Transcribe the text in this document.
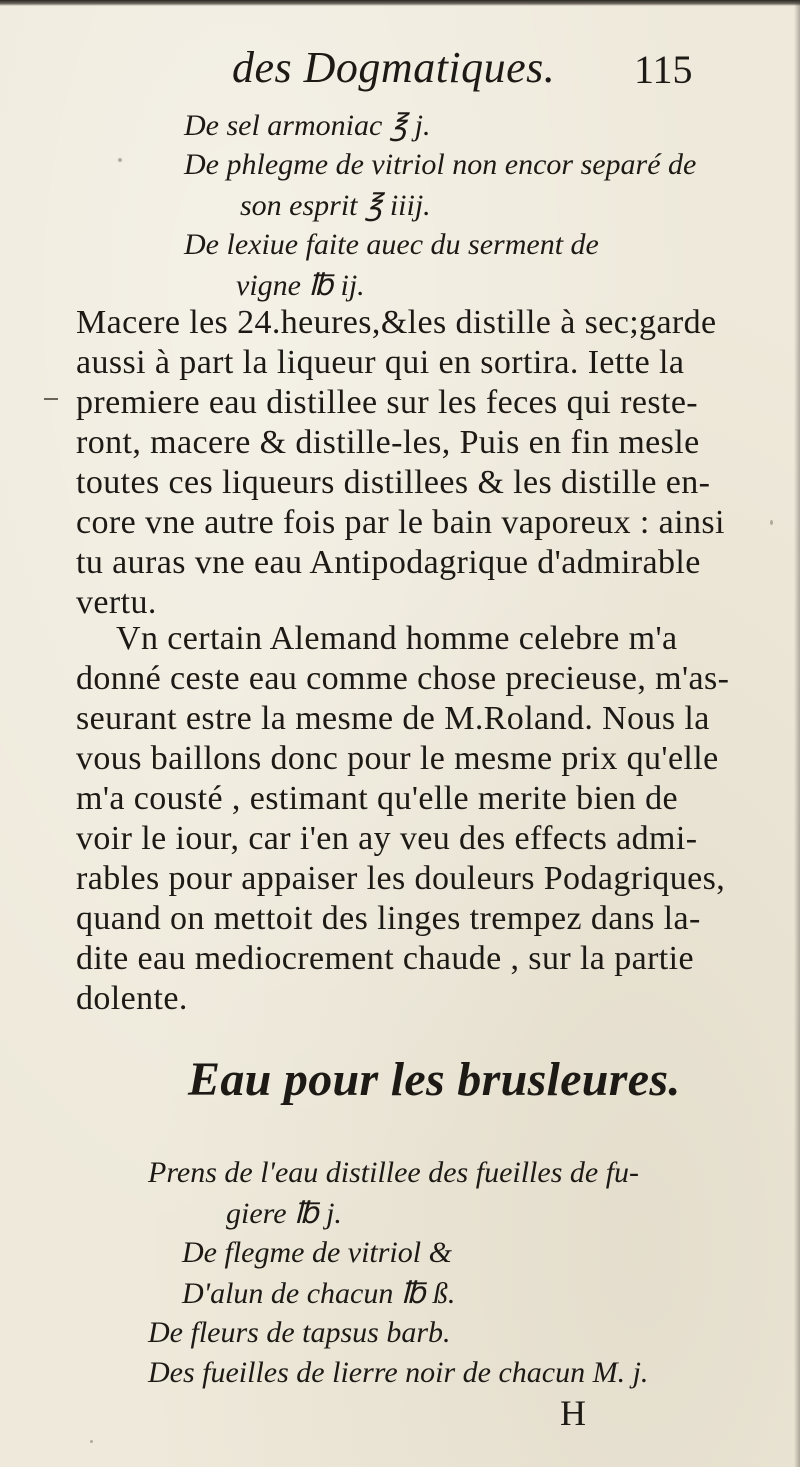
des Dogmatiques. 115
De sel armoniac ℥ j.
De phlegme de vitriol non encor separé de
son esprit ℥ iiij.
De lexiue faite auec du serment de
vigne ℔ ij.
Macere les 24.heures,&les distille à sec;garde
aussi à part la liqueur qui en sortira. Iette la
premiere eau distillee sur les feces qui reste-
ront, macere & distille-les, Puis en fin mesle
toutes ces liqueurs distillees & les distille en-
core vne autre fois par le bain vaporeux : ainsi
tu auras vne eau Antipodagrique d'admirable
vertu.
Vn certain Alemand homme celebre m'a
donné ceste eau comme chose precieuse, m'as-
seurant estre la mesme de M.Roland. Nous la
vous baillons donc pour le mesme prix qu'elle
m'a cousté , estimant qu'elle merite bien de
voir le iour, car i'en ay veu des effects admi-
rables pour appaiser les douleurs Podagriques,
quand on mettoit des linges trempez dans la-
dite eau mediocrement chaude , sur la partie
dolente.
Eau pour les brusleures.
Prens de l'eau distillee des fueilles de fu-
giere ℔ j.
De flegme de vitriol &
D'alun de chacun ℔ ß.
De fleurs de tapsus barb.
Des fueilles de lierre noir de chacun M. j.
H
